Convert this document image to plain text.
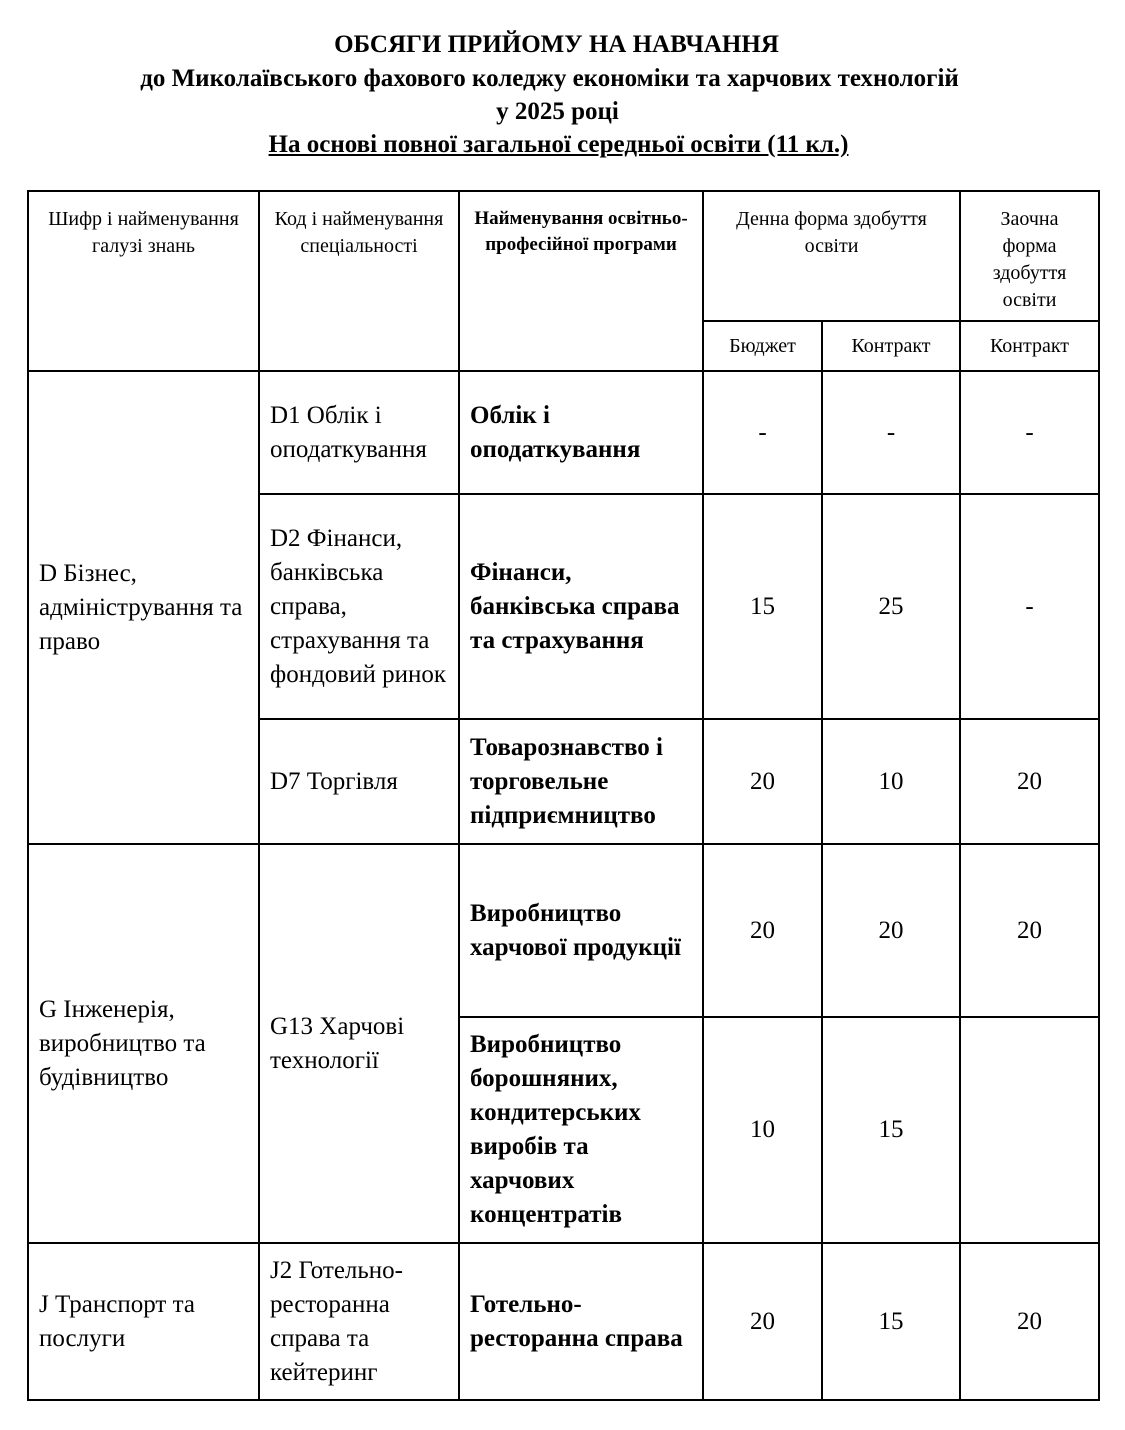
ОБСЯГИ ПРИЙОМУ НА НАВЧАННЯ
до Миколаївського фахового коледжу економіки та харчових технологій
у 2025 році
На основі повної загальної середньої освіти (11 кл.)
Шифр і найменування галузі знань	Код і найменування спеціальності	Найменування освітньо-професійної програми	Денна форма здобуття освіти		Заочна форма здобуття освіти
			Бюджет	Контракт	Контракт
D Бізнес, адміністрування та право	D1 Облік і оподаткування	Облік і оподаткування	-	-	-
	D2 Фінанси, банківська справа, страхування та фондовий ринок	Фінанси, банківська справа та страхування	15	25	-
	D7 Торгівля	Товарознавство і торговельне підприємництво	20	10	20
G Інженерія, виробництво та будівництво	G13 Харчові технології	Виробництво харчової продукції	20	20	20
		Виробництво борошняних, кондитерських виробів та харчових концентратів	10	15	
J Транспорт та послуги	J2 Готельно-ресторанна справа та кейтеринг	Готельно-ресторанна справа	20	15	20
